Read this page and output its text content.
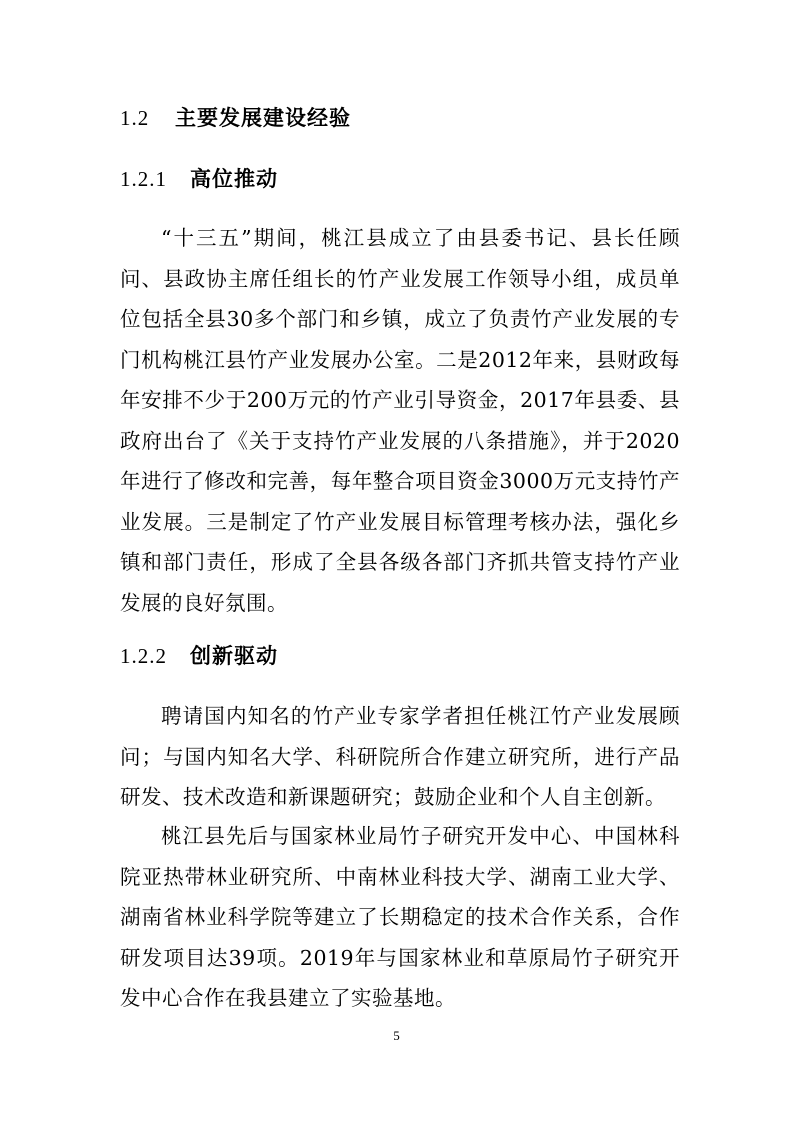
1.2 主要发展建设经验
1.2.1 高位推动

“十三五”期间，桃江县成立了由县委书记、县长任顾问、县政协主席任组长的竹产业发展工作领导小组，成员单位包括全县30多个部门和乡镇，成立了负责竹产业发展的专门机构桃江县竹产业发展办公室。二是2012年来，县财政每年安排不少于200万元的竹产业引导资金，2017年县委、县政府出台了《关于支持竹产业发展的八条措施》，并于2020年进行了修改和完善，每年整合项目资金3000万元支持竹产业发展。三是制定了竹产业发展目标管理考核办法，强化乡镇和部门责任，形成了全县各级各部门齐抓共管支持竹产业发展的良好氛围。

1.2.2 创新驱动

聘请国内知名的竹产业专家学者担任桃江竹产业发展顾问；与国内知名大学、科研院所合作建立研究所，进行产品研发、技术改造和新课题研究；鼓励企业和个人自主创新。

桃江县先后与国家林业局竹子研究开发中心、中国林科院亚热带林业研究所、中南林业科技大学、湖南工业大学、湖南省林业科学院等建立了长期稳定的技术合作关系，合作研发项目达39项。2019年与国家林业和草原局竹子研究开发中心合作在我县建立了实验基地。

5
